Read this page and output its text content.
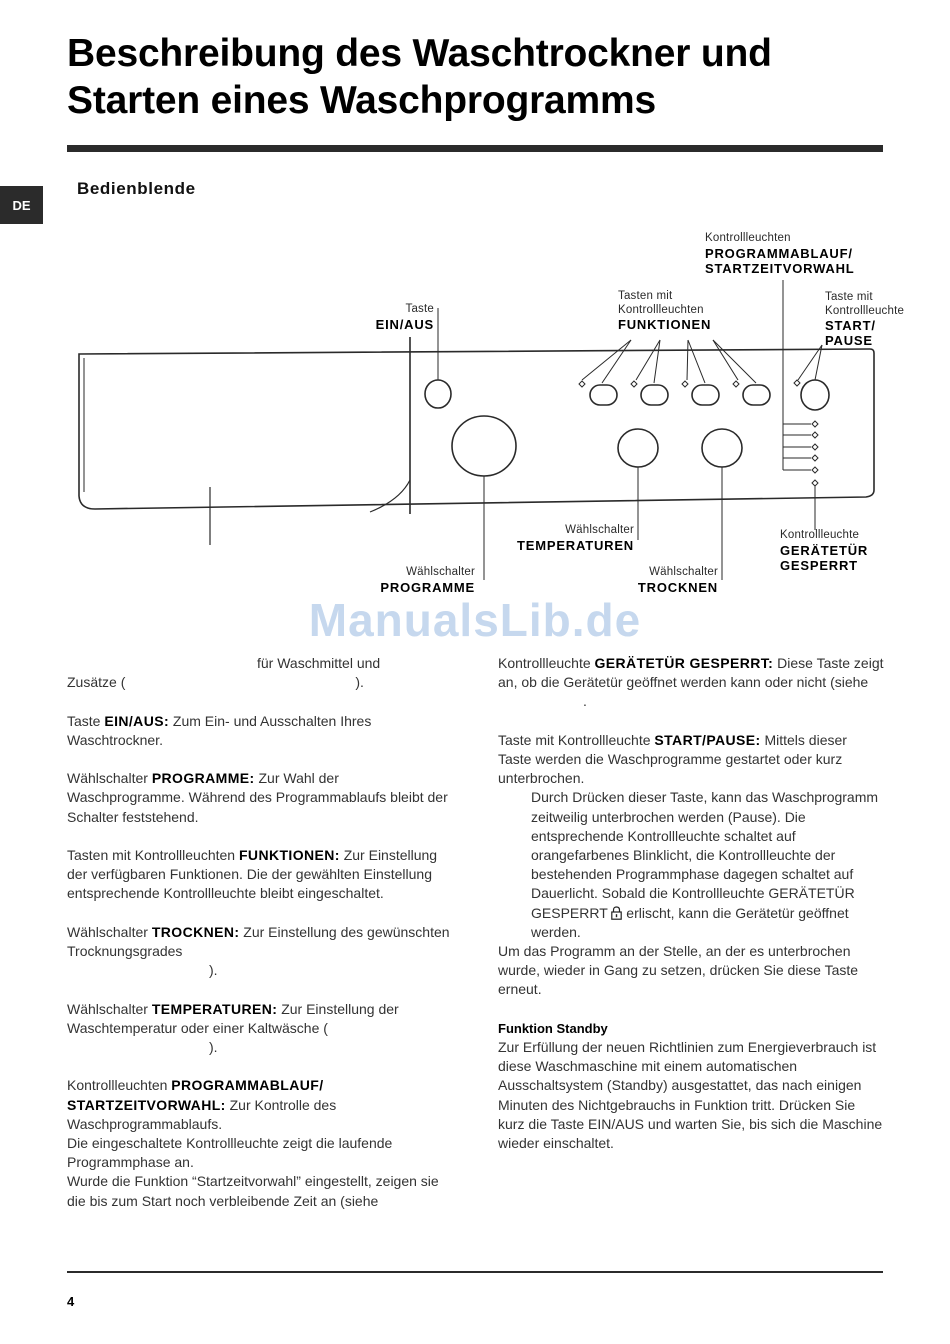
Beschreibung des Waschtrockner und
Starten eines Waschprogramms
DE
Bedienblende
Kontrollleuchten
PROGRAMMABLAUF/
STARTZEITVORWAHL
Taste
EIN/AUS
Tasten mit
Kontrollleuchten
FUNKTIONEN
Taste mit
Kontrollleuchte
START/
PAUSE
Wählschalter
TEMPERATUREN
Kontrollleuchte
GERÄTETÜR
GESPERRT
Wählschalter
PROGRAMME
Wählschalter
TROCKNEN
ManualsLib.de

für Waschmittel und
Zusätze (	).

Taste EIN/AUS: Zum Ein- und Ausschalten Ihres Waschtrockner.

Wählschalter PROGRAMME: Zur Wahl der Waschprogramme. Während des Programmablaufs bleibt der Schalter feststehend.

Tasten mit Kontrollleuchten FUNKTIONEN: Zur Einstellung der verfügbaren Funktionen. Die der gewählten Einstellung entsprechende Kontrollleuchte bleibt eingeschaltet.

Wählschalter TROCKNEN: Zur Einstellung des gewünschten Trocknungsgrades
).

Wählschalter TEMPERATUREN: Zur Einstellung der Waschtemperatur oder einer Kaltwäsche (
).

Kontrollleuchten PROGRAMMABLAUF/
STARTZEITVORWAHL: Zur Kontrolle des Waschprogrammablaufs.
Die eingeschaltete Kontrollleuchte zeigt die laufende Programmphase an.
Wurde die Funktion “Startzeitvorwahl” eingestellt, zeigen sie die bis zum Start noch verbleibende Zeit an (siehe

Kontrollleuchte GERÄTETÜR GESPERRT: Diese Taste zeigt an, ob die Gerätetür geöffnet werden kann oder nicht (siehe.

Taste mit Kontrollleuchte START/PAUSE: Mittels dieser Taste werden die Waschprogramme gestartet oder kurz unterbrochen.

Durch Drücken dieser Taste, kann das Waschprogramm zeitweilig unterbrochen werden (Pause). Die entsprechende Kontrollleuchte schaltet auf orangefarbenes Blinklicht, die Kontrollleuchte der bestehenden Programmphase dagegen schaltet auf Dauerlicht. Sobald die Kontrollleuchte GERÄTETÜR GESPERRT erlischt, kann die Gerätetür geöffnet werden.

Um das Programm an der Stelle, an der es unterbrochen wurde, wieder in Gang zu setzen, drücken Sie diese Taste erneut.

Funktion Standby

Zur Erfüllung der neuen Richtlinien zum Energieverbrauch ist diese Waschmaschine mit einem automatischen Ausschaltsystem (Standby) ausgestattet, das nach einigen Minuten des Nichtgebrauchs in Funktion tritt. Drücken Sie kurz die Taste EIN/AUS und warten Sie, bis sich die Maschine wieder einschaltet.

4
